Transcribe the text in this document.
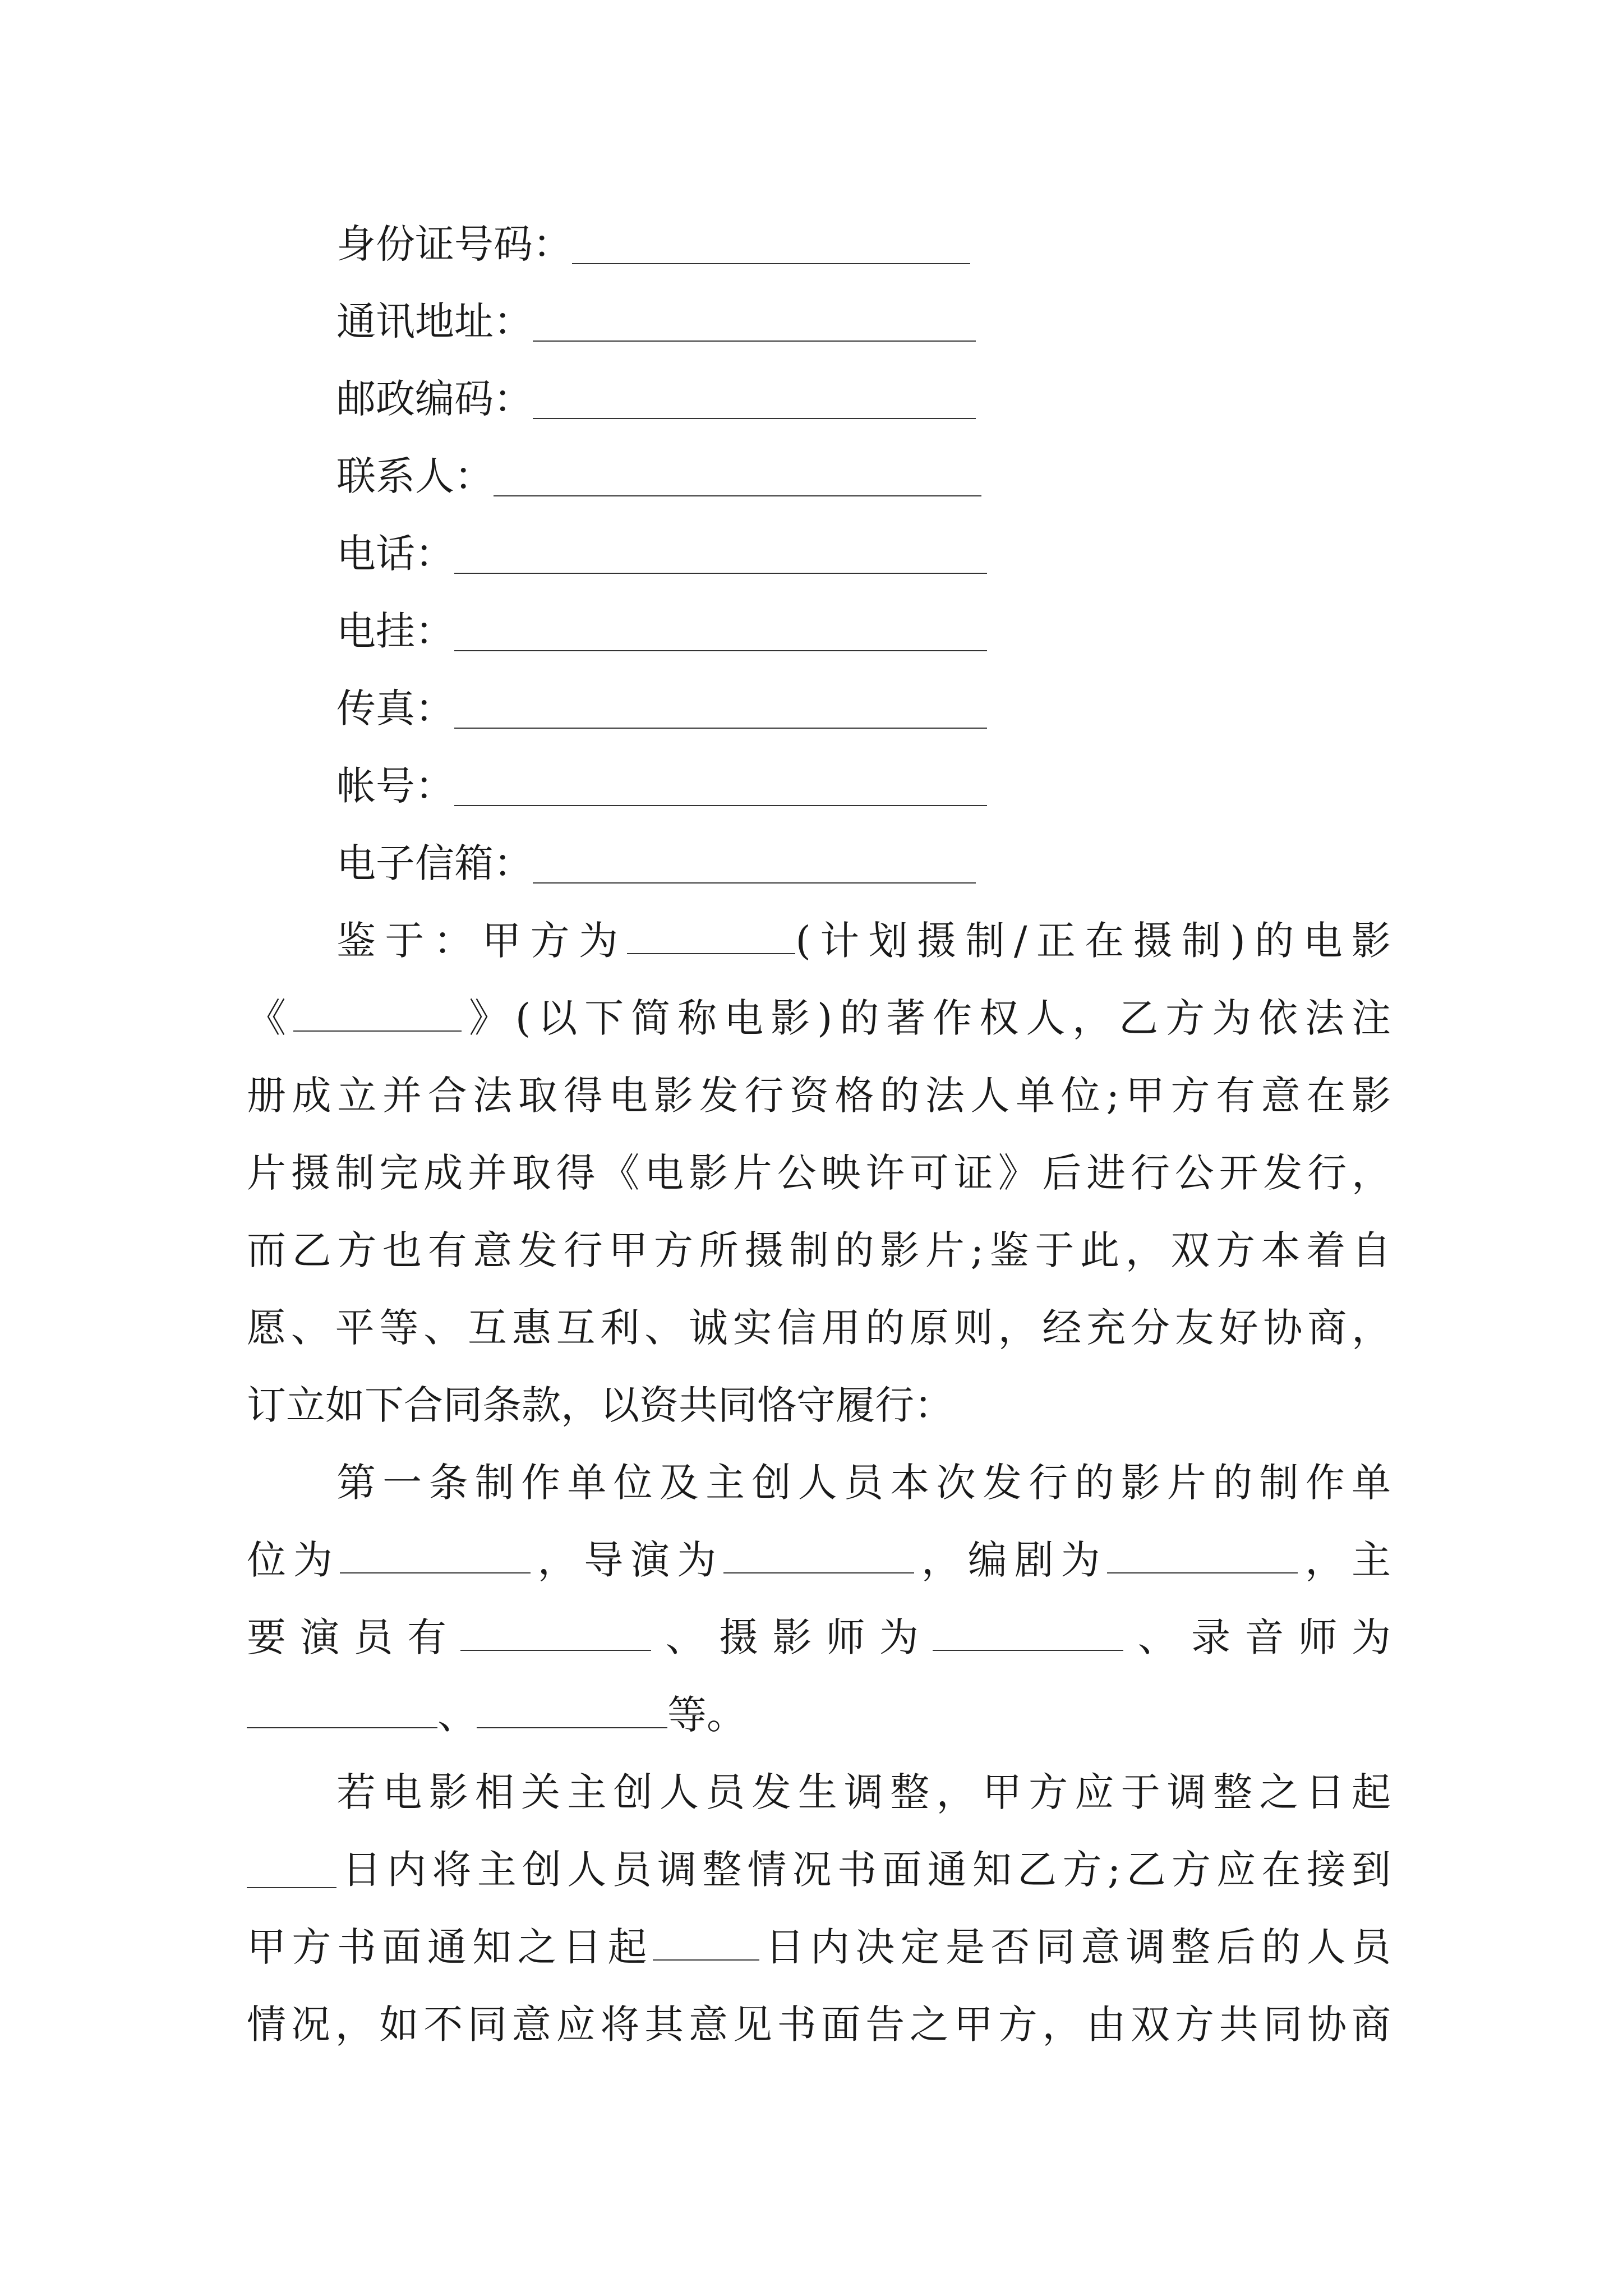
身份证号码：
通讯地址：
邮政编码：
联系人：
电话：
电挂：
传真：
帐号：
电子信箱：
鉴于：甲方为	(计划摄制/正在摄制)的电影
《	》(以下简称电影)的著作权人，乙方为依法注
册成立并合法取得电影发行资格的法人单位;甲方有意在影
片摄制完成并取得《电影片公映许可证》后进行公开发行，
而乙方也有意发行甲方所摄制的影片;鉴于此，双方本着自
愿、平等、互惠互利、诚实信用的原则，经充分友好协商，
订立如下合同条款，以资共同恪守履行：
第一条制作单位及主创人员本次发行的影片的制作单
位为	，导演为	，编剧为	，主
要演员有	、摄影师为	、录音师为
、	等。
若电影相关主创人员发生调整，甲方应于调整之日起
日内将主创人员调整情况书面通知乙方;乙方应在接到
甲方书面通知之日起	日内决定是否同意调整后的人员
情况，如不同意应将其意见书面告之甲方，由双方共同协商
